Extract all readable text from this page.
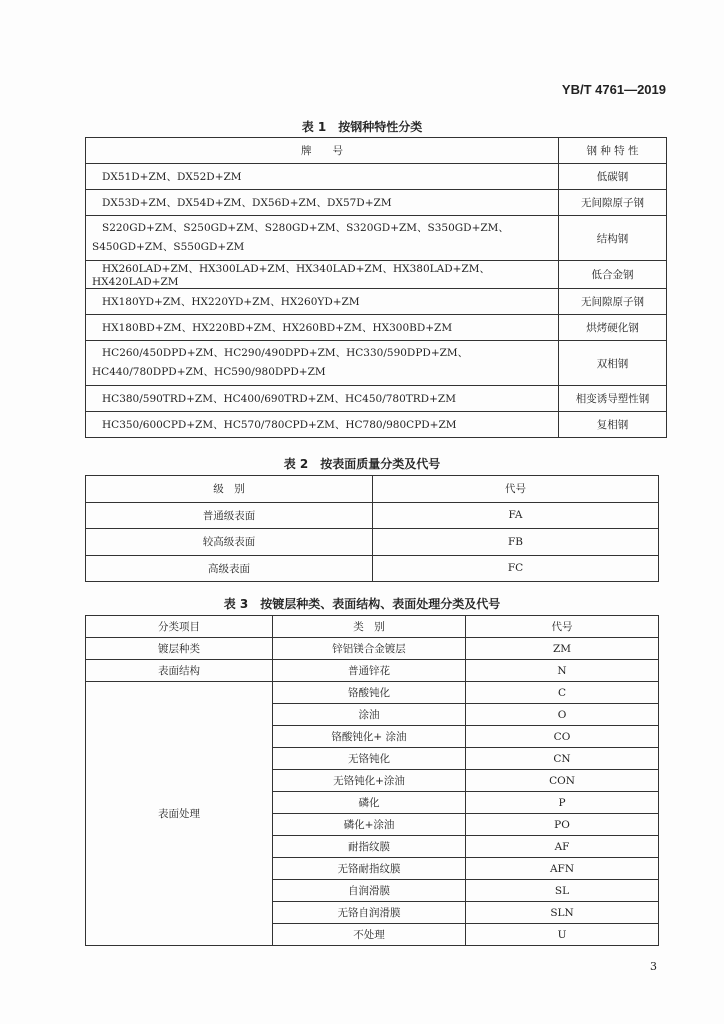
YB/T 4761—2019
表 1　按钢种特性分类
牌　　号	钢 种 特 性
DX51D+ZM、DX52D+ZM	低碳钢
DX53D+ZM、DX54D+ZM、DX56D+ZM、DX57D+ZM	无间隙原子钢
S220GD+ZM、S250GD+ZM、S280GD+ZM、S320GD+ZM、S350GD+ZM、S450GD+ZM、S550GD+ZM	结构钢
HX260LAD+ZM、HX300LAD+ZM、HX340LAD+ZM、HX380LAD+ZM、HX420LAD+ZM	低合金钢
HX180YD+ZM、HX220YD+ZM、HX260YD+ZM	无间隙原子钢
HX180BD+ZM、HX220BD+ZM、HX260BD+ZM、HX300BD+ZM	烘烤硬化钢
HC260/450DPD+ZM、HC290/490DPD+ZM、HC330/590DPD+ZM、HC440/780DPD+ZM、HC590/980DPD+ZM	双相钢
HC380/590TRD+ZM、HC400/690TRD+ZM、HC450/780TRD+ZM	相变诱导塑性钢
HC350/600CPD+ZM、HC570/780CPD+ZM、HC780/980CPD+ZM	复相钢
表 2　按表面质量分类及代号
级　别	代号
普通级表面	FA
较高级表面	FB
高级表面	FC
表 3　按镀层种类、表面结构、表面处理分类及代号
分类项目	类　别	代号
镀层种类	锌铝镁合金镀层	ZM
表面结构	普通锌花	N
表面处理	铬酸钝化	C
	涂油	O
	铬酸钝化+ 涂油	CO
	无铬钝化	CN
	无铬钝化+涂油	CON
	磷化	P
	磷化+涂油	PO
	耐指纹膜	AF
	无铬耐指纹膜	AFN
	自润滑膜	SL
	无铬自润滑膜	SLN
	不处理	U
3
